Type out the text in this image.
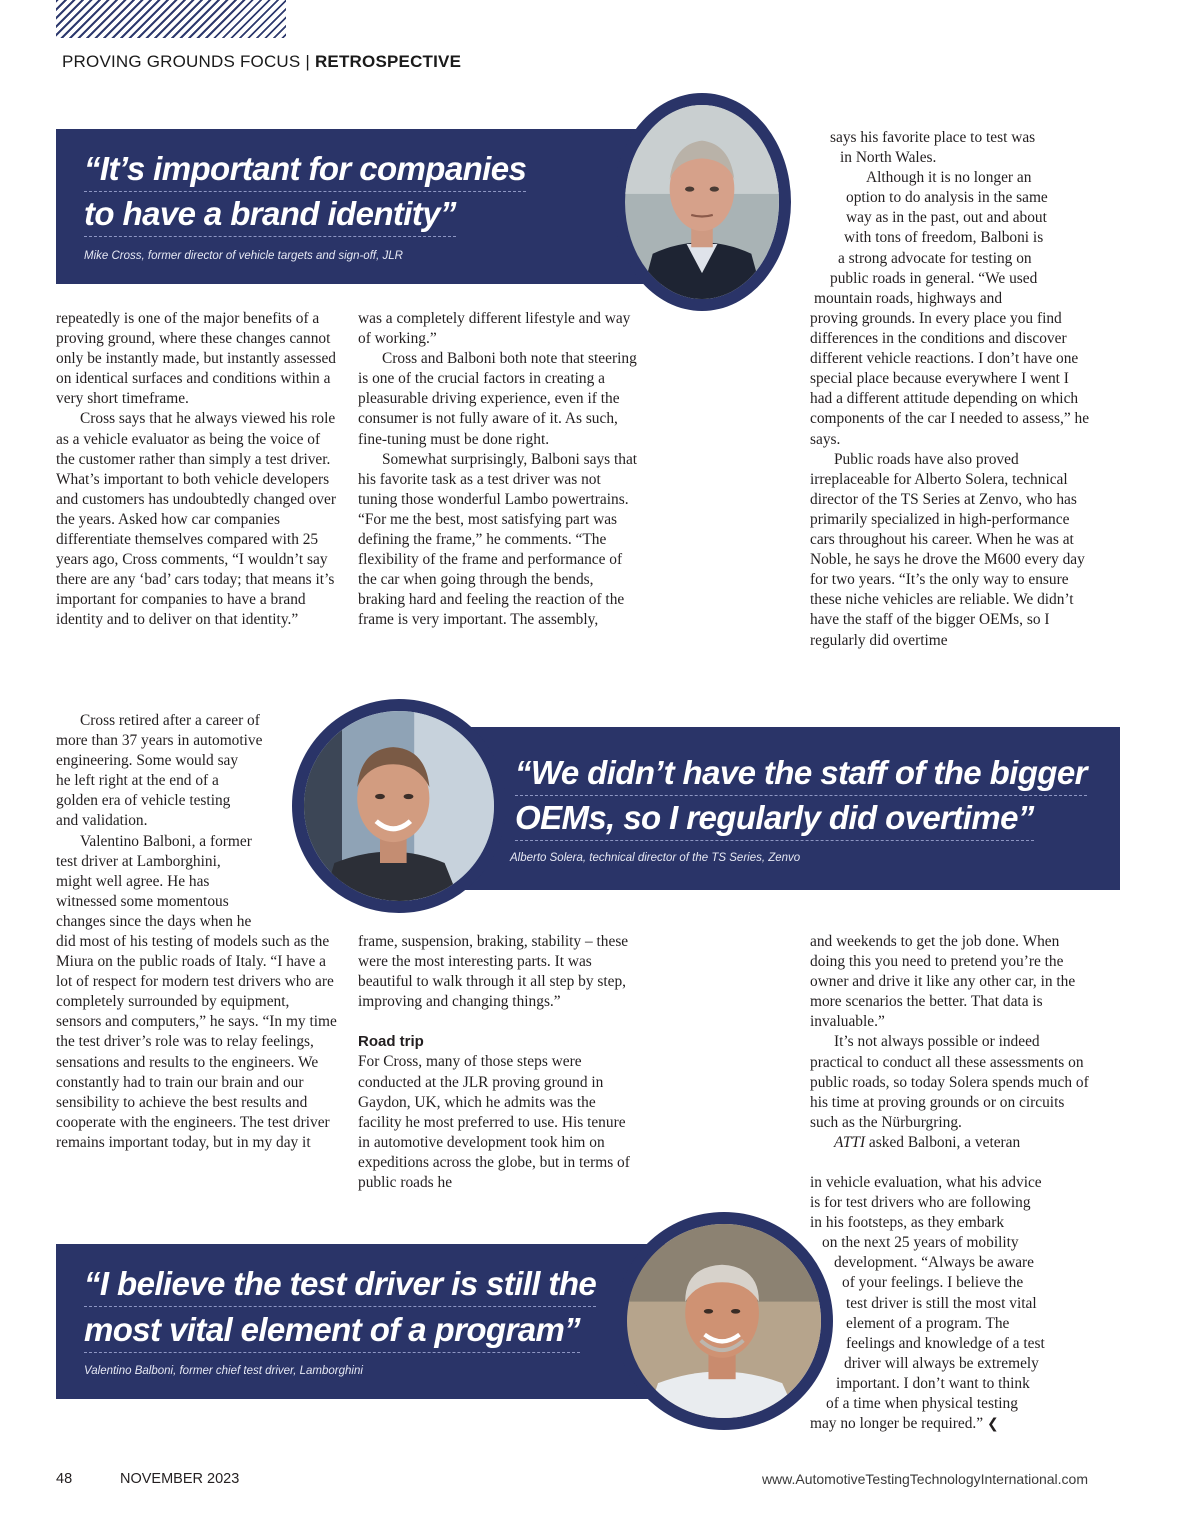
PROVING GROUNDS FOCUS | RETROSPECTIVE
“It’s important for companies
to have a brand identity”
Mike Cross, former director of vehicle targets and sign-off, JLR
“We didn’t have the staff of the bigger
OEMs, so I regularly did overtime”
Alberto Solera, technical director of the TS Series, Zenvo
“I believe the test driver is still the
most vital element of a program”
Valentino Balboni, former chief test driver, Lamborghini

repeatedly is one of the major benefits of a proving ground, where these changes cannot only be instantly made, but instantly assessed on identical surfaces and conditions within a very short timeframe.

Cross says that he always viewed his role as a vehicle evaluator as being the voice of the customer rather than simply a test driver. What’s important to both vehicle developers and customers has undoubtedly changed over the years. Asked how car companies differentiate themselves compared with 25 years ago, Cross comments, “I wouldn’t say there are any ‘bad’ cars today; that means it’s important for companies to have a brand identity and to deliver on that identity.”

Cross retired after a career of
more than 37 years in automotive
engineering. Some would say
he left right at the end of a
golden era of vehicle testing
and validation.
Valentino Balboni, a former
test driver at Lamborghini,
might well agree. He has
witnessed some momentous
changes since the days when he

did most of his testing of models such as the Miura on the public roads of Italy. “I have a lot of respect for modern test drivers who are completely surrounded by equipment, sensors and computers,” he says. “In my time the test driver’s role was to relay feelings, sensations and results to the engineers. We constantly had to train our brain and our sensibility to achieve the best results and cooperate with the engineers. The test driver remains important today, but in my day it

was a completely different lifestyle and way of working.”

Cross and Balboni both note that steering is one of the crucial factors in creating a pleasurable driving experience, even if the consumer is not fully aware of it. As such, fine-tuning must be done right.

Somewhat surprisingly, Balboni says that his favorite task as a test driver was not tuning those wonderful Lambo powertrains. “For me the best, most satisfying part was defining the frame,” he comments. “The flexibility of the frame and performance of the car when going through the bends, braking hard and feeling the reaction of the frame is very important. The assembly,

frame, suspension, braking, stability – these were the most interesting parts. It was beautiful to walk through it all step by step, improving and changing things.”

Road trip

For Cross, many of those steps were conducted at the JLR proving ground in Gaydon, UK, which he admits was the facility he most preferred to use. His tenure in automotive development took him on expeditions across the globe, but in terms of public roads he

says his favorite place to test was
in North Wales.
Although it is no longer an
option to do analysis in the same
way as in the past, out and about
with tons of freedom, Balboni is
a strong advocate for testing on
public roads in general. “We used
mountain roads, highways and

proving grounds. In every place you find differences in the conditions and discover different vehicle reactions. I don’t have one special place because everywhere I went I had a different attitude depending on which components of the car I needed to assess,” he says.

Public roads have also proved irreplaceable for Alberto Solera, technical director of the TS Series at Zenvo, who has primarily specialized in high-performance cars throughout his career. When he was at Noble, he says he drove the M600 every day for two years. “It’s the only way to ensure these niche vehicles are reliable. We didn’t have the staff of the bigger OEMs, so I regularly did overtime

and weekends to get the job done. When doing this you need to pretend you’re the owner and drive it like any other car, in the more scenarios the better. That data is invaluable.”

It’s not always possible or indeed practical to conduct all these assessments on public roads, so today Solera spends much of his time at proving grounds or on circuits such as the Nürburgring.

ATTI asked Balboni, a veteran

in vehicle evaluation, what his advice
is for test drivers who are following
in his footsteps, as they embark
on the next 25 years of mobility
development. “Always be aware
of your feelings. I believe the
test driver is still the most vital
element of a program. The
feelings and knowledge of a test
driver will always be extremely
important. I don’t want to think
of a time when physical testing
may no longer be required.” ❮
48	NOVEMBER 2023	www.AutomotiveTestingTechnologyInternational.com
